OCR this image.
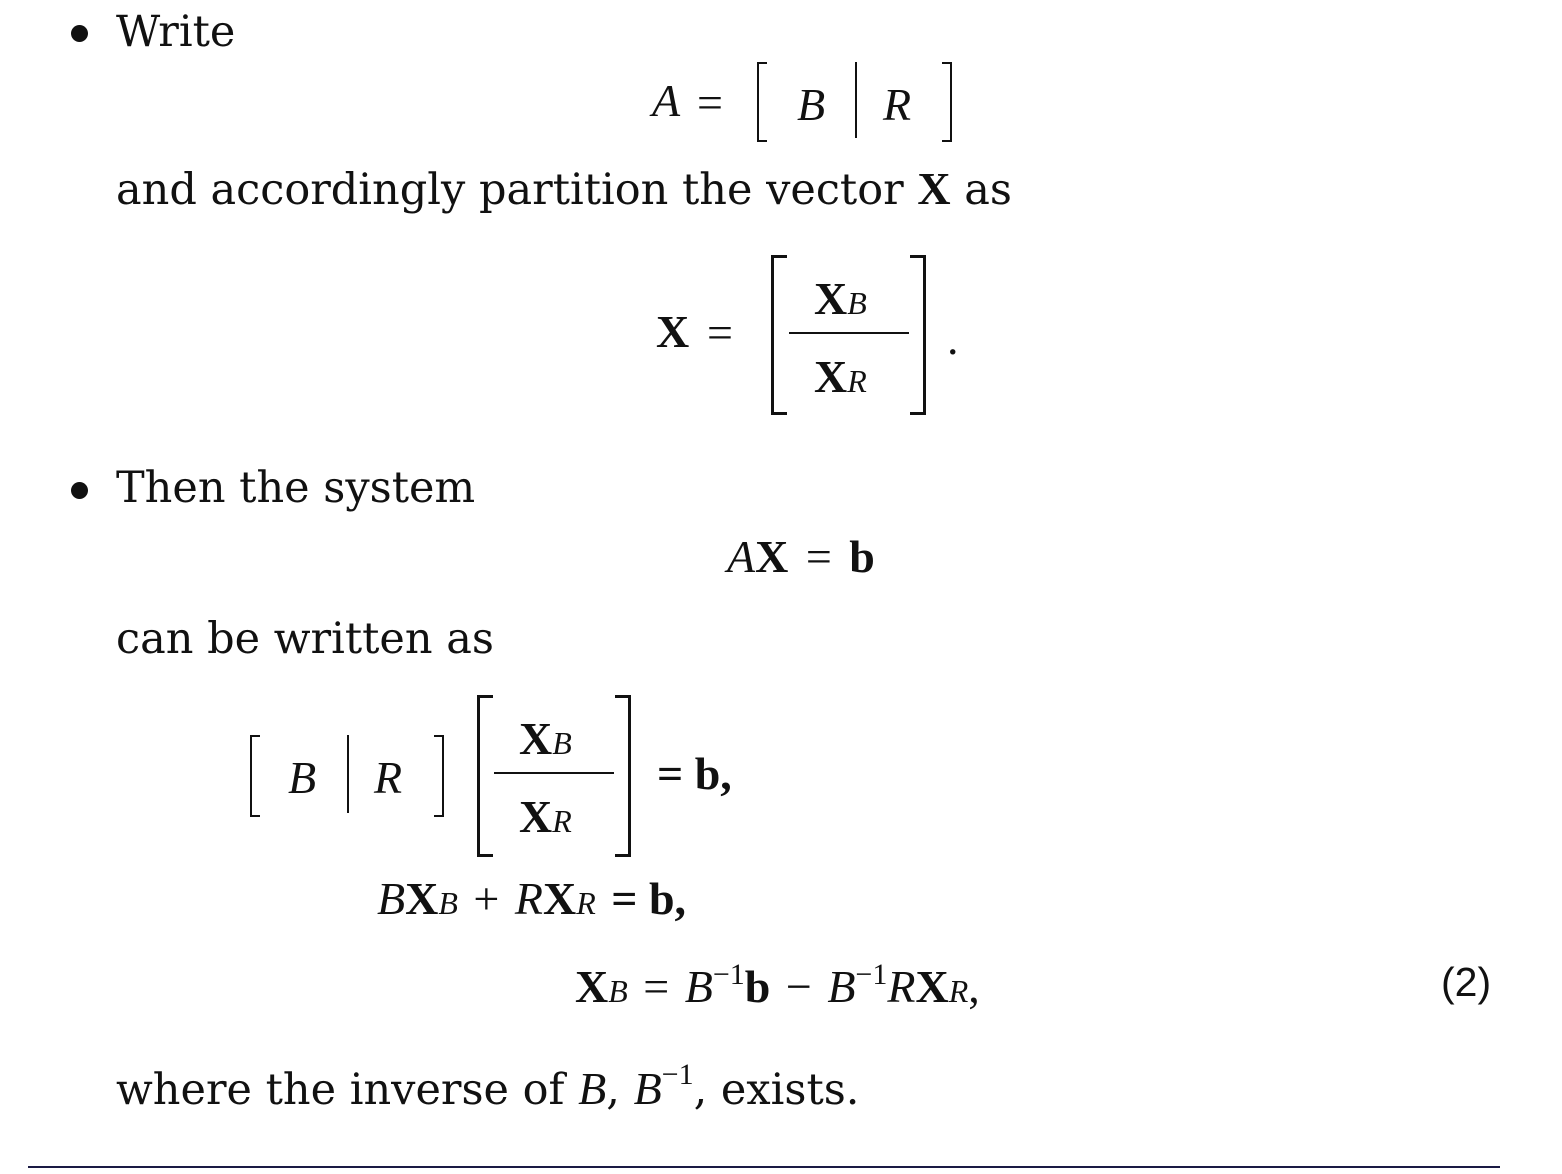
Write
A = B R
and accordingly partition the vector X as
X =
XB
XR
.
Then the system
AX = b
can be written as
B R
XB
XR
= b,
BXB + RXR = b,
XB = $B^{-1}b - B^{-1}RXR$,	(2)
where the inverse of B, $B^{-1}$, exists.
